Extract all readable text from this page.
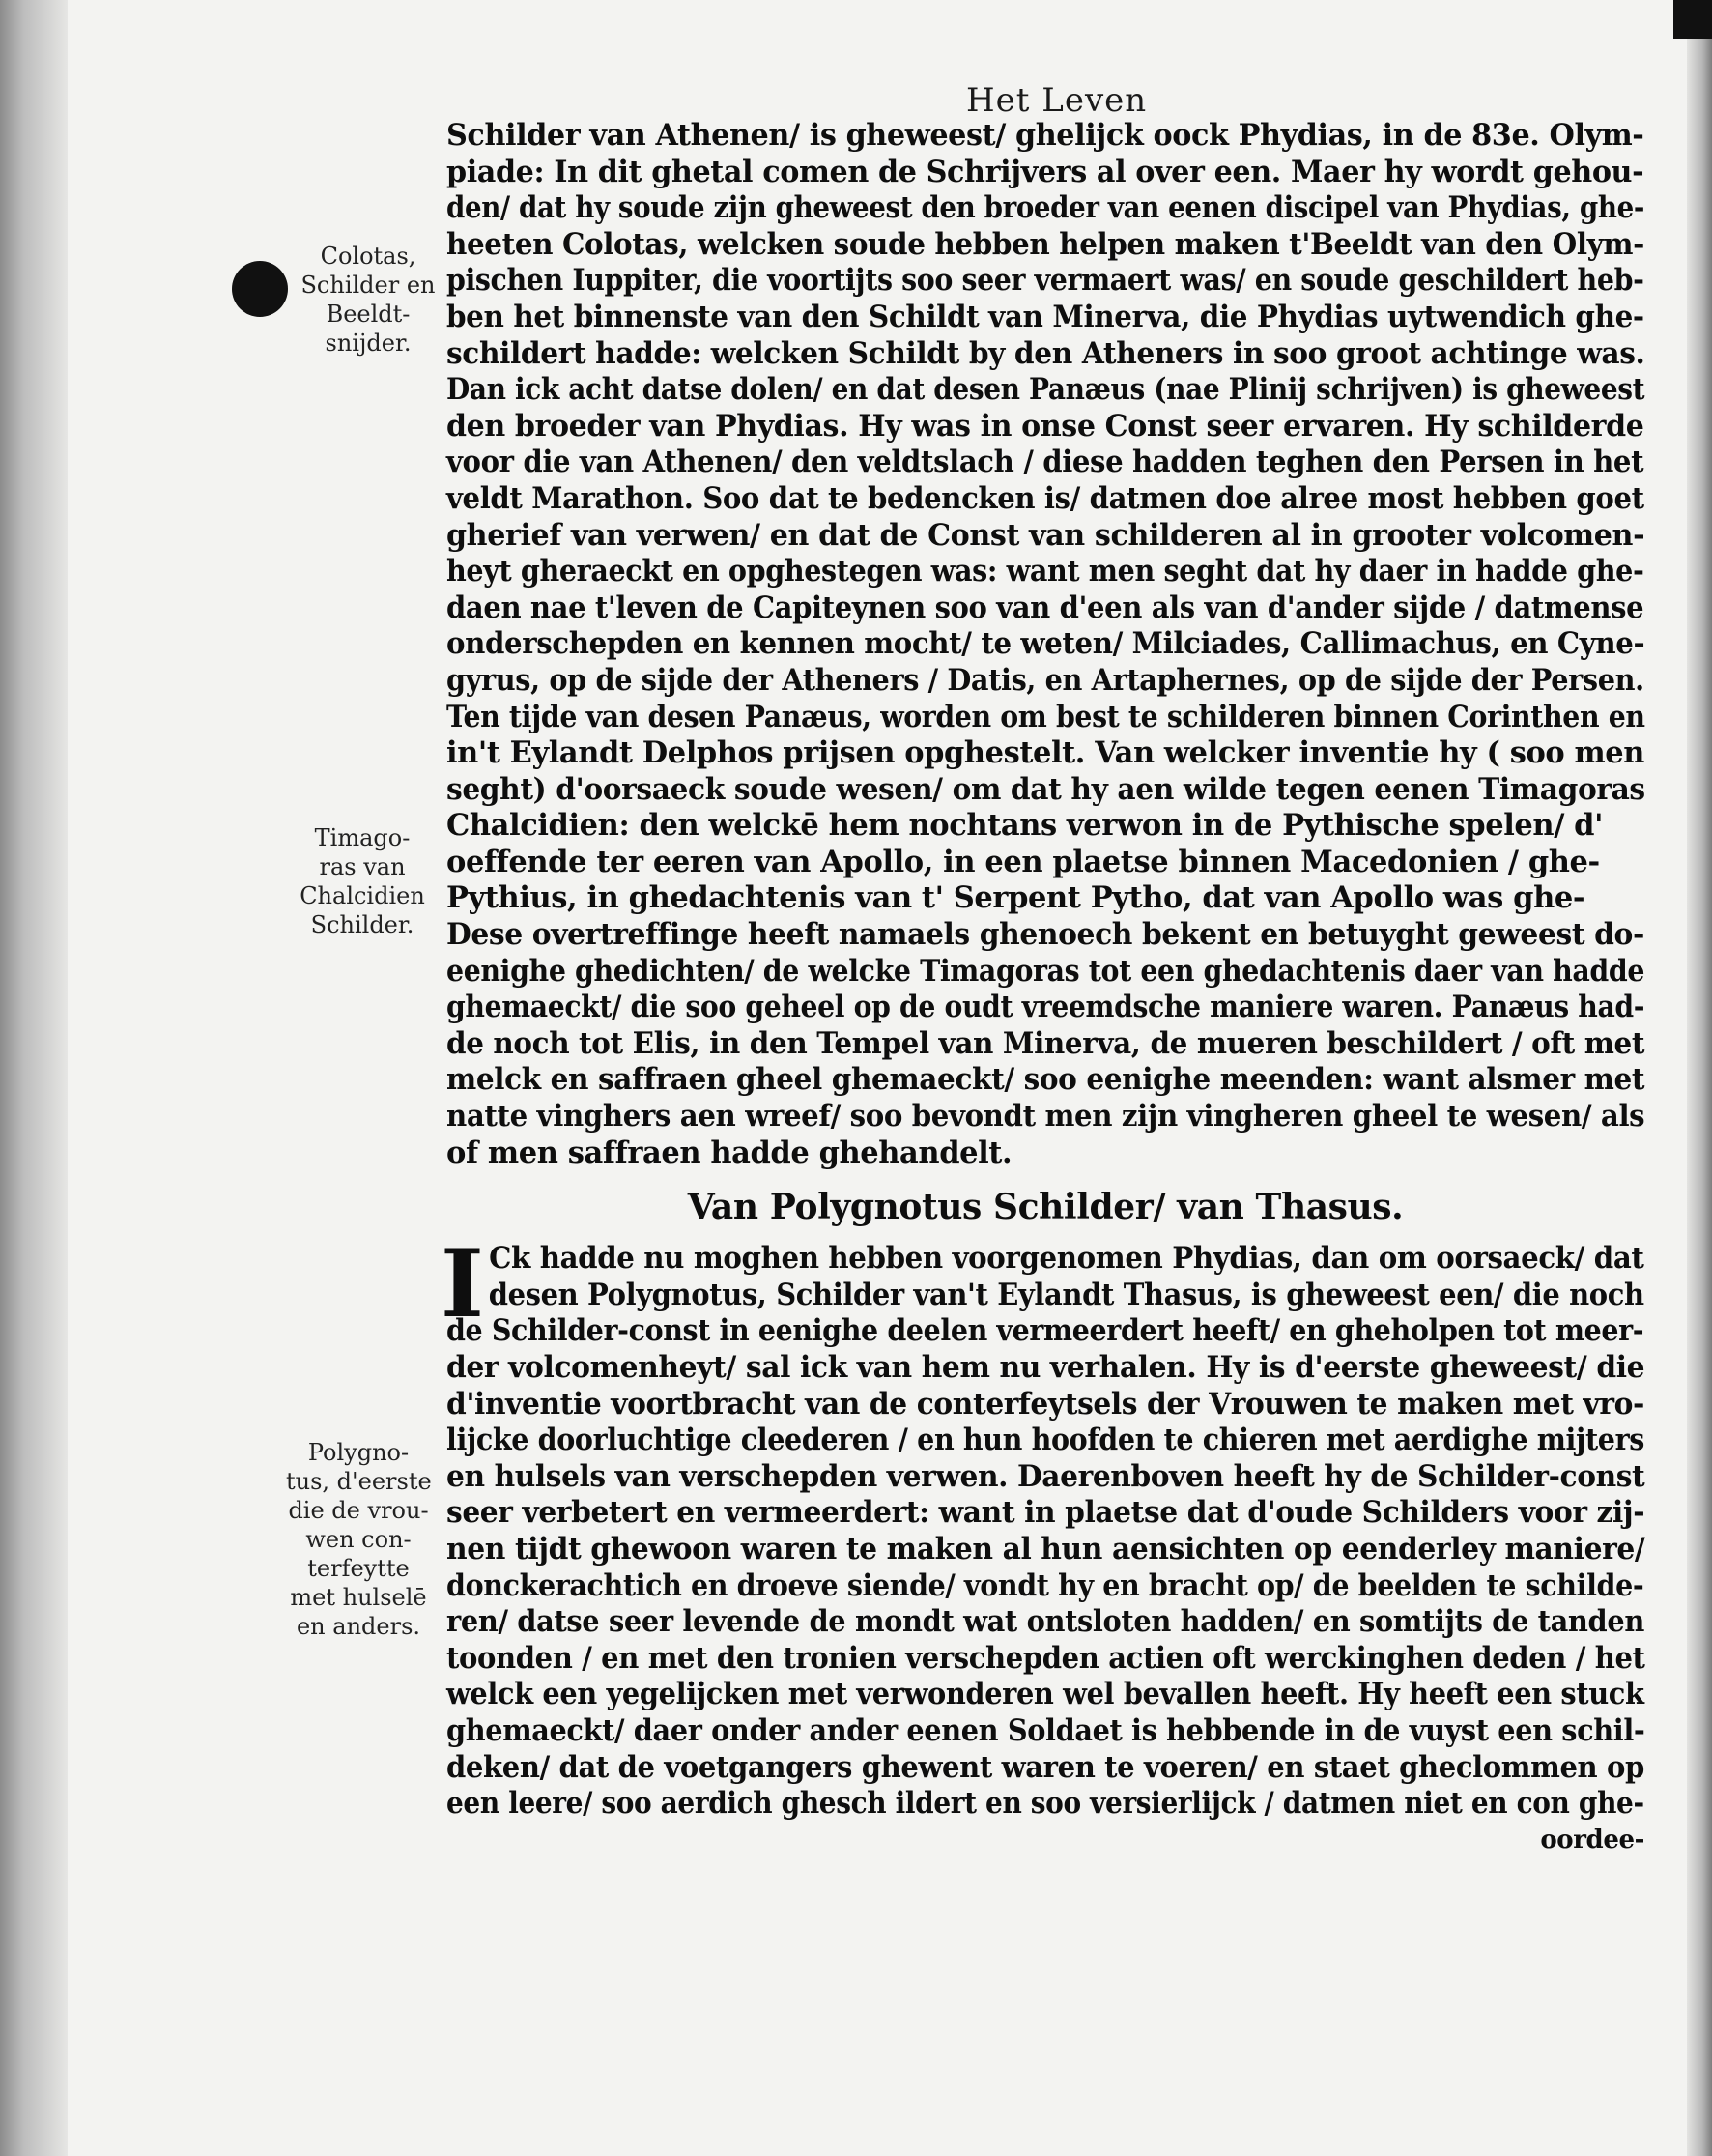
Het Leven
Colotas,
Schilder en
Beeldt-
snijder.
Timago-
ras van
Chalcidien
Schilder.
Polygno-
tus, d'eerste
die de vrou-
wen con-
terfeytte
met hulselē
en anders.
Schilder van Athenen/ is gheweest/ ghelijck oock Phydias, in de 83e. Olym-
piade: In dit ghetal comen de Schrijvers al over een. Maer hy wordt gehou-
den/ dat hy soude zijn gheweest den broeder van eenen discipel van Phydias, ghe-
heeten Colotas, welcken soude hebben helpen maken t'Beeldt van den Olym-
pischen Iuppiter, die voortijts soo seer vermaert was/ en soude geschildert heb-
ben het binnenste van den Schildt van Minerva, die Phydias uytwendich ghe-
schildert hadde: welcken Schildt by den Atheners in soo groot achtinge was.
Dan ick acht datse dolen/ en dat desen Panæus (nae Plinij schrijven) is gheweest
den broeder van Phydias. Hy was in onse Const seer ervaren. Hy schilderde
voor die van Athenen/ den veldtslach / diese hadden teghen den Persen in het
veldt Marathon. Soo dat te bedencken is/ datmen doe alree most hebben goet
gherief van verwen/ en dat de Const van schilderen al in grooter volcomen-
heyt gheraeckt en opghestegen was: want men seght dat hy daer in hadde ghe-
daen nae t'leven de Capiteynen soo van d'een als van d'ander sijde / datmense
onderschepden en kennen mocht/ te weten/ Milciades, Callimachus, en Cyne-
gyrus, op de sijde der Atheners / Datis, en Artaphernes, op de sijde der Persen.
Ten tijde van desen Panæus, worden om best te schilderen binnen Corinthen en
in't Eylandt Delphos prijsen opghestelt. Van welcker inventie hy ( soo men
seght) d'oorsaeck soude wesen/ om dat hy aen wilde tegen eenen Timagoras
Chalcidien: den welckē hem nochtans verwon in de Pythische spelen/ d'
oeffende ter eeren van Apollo, in een plaetse binnen Macedonien / ghe-
Pythius, in ghedachtenis van t' Serpent Pytho, dat van Apollo was ghe-
Dese overtreffinge heeft namaels ghenoech bekent en betuyght geweest do-
eenighe ghedichten/ de welcke Timagoras tot een ghedachtenis daer van hadde
ghemaeckt/ die soo geheel op de oudt vreemdsche maniere waren. Panæus had-
de noch tot Elis, in den Tempel van Minerva, de mueren beschildert / oft met
melck en saffraen gheel ghemaeckt/ soo eenighe meenden: want alsmer met
natte vinghers aen wreef/ soo bevondt men zijn vingheren gheel te wesen/ als
of men saffraen hadde ghehandelt.
Van Polygnotus Schilder/ van Thasus.
I Ck hadde nu moghen hebben voorgenomen Phydias, dan om oorsaeck/ dat
desen Polygnotus, Schilder van't Eylandt Thasus, is gheweest een/ die noch
de Schilder-const in eenighe deelen vermeerdert heeft/ en gheholpen tot meer-
der volcomenheyt/ sal ick van hem nu verhalen. Hy is d'eerste gheweest/ die
d'inventie voortbracht van de conterfeytsels der Vrouwen te maken met vro-
lijcke doorluchtige cleederen / en hun hoofden te chieren met aerdighe mijters
en hulsels van verschepden verwen. Daerenboven heeft hy de Schilder-const
seer verbetert en vermeerdert: want in plaetse dat d'oude Schilders voor zij-
nen tijdt ghewoon waren te maken al hun aensichten op eenderley maniere/
donckerachtich en droeve siende/ vondt hy en bracht op/ de beelden te schilde-
ren/ datse seer levende de mondt wat ontsloten hadden/ en somtijts de tanden
toonden / en met den tronien verschepden actien oft werckinghen deden / het
welck een yegelijcken met verwonderen wel bevallen heeft. Hy heeft een stuck
ghemaeckt/ daer onder ander eenen Soldaet is hebbende in de vuyst een schil-
deken/ dat de voetgangers ghewent waren te voeren/ en staet gheclommen op
een leere/ soo aerdich ghesch ildert en soo versierlijck / datmen niet en con ghe-
oordee-
